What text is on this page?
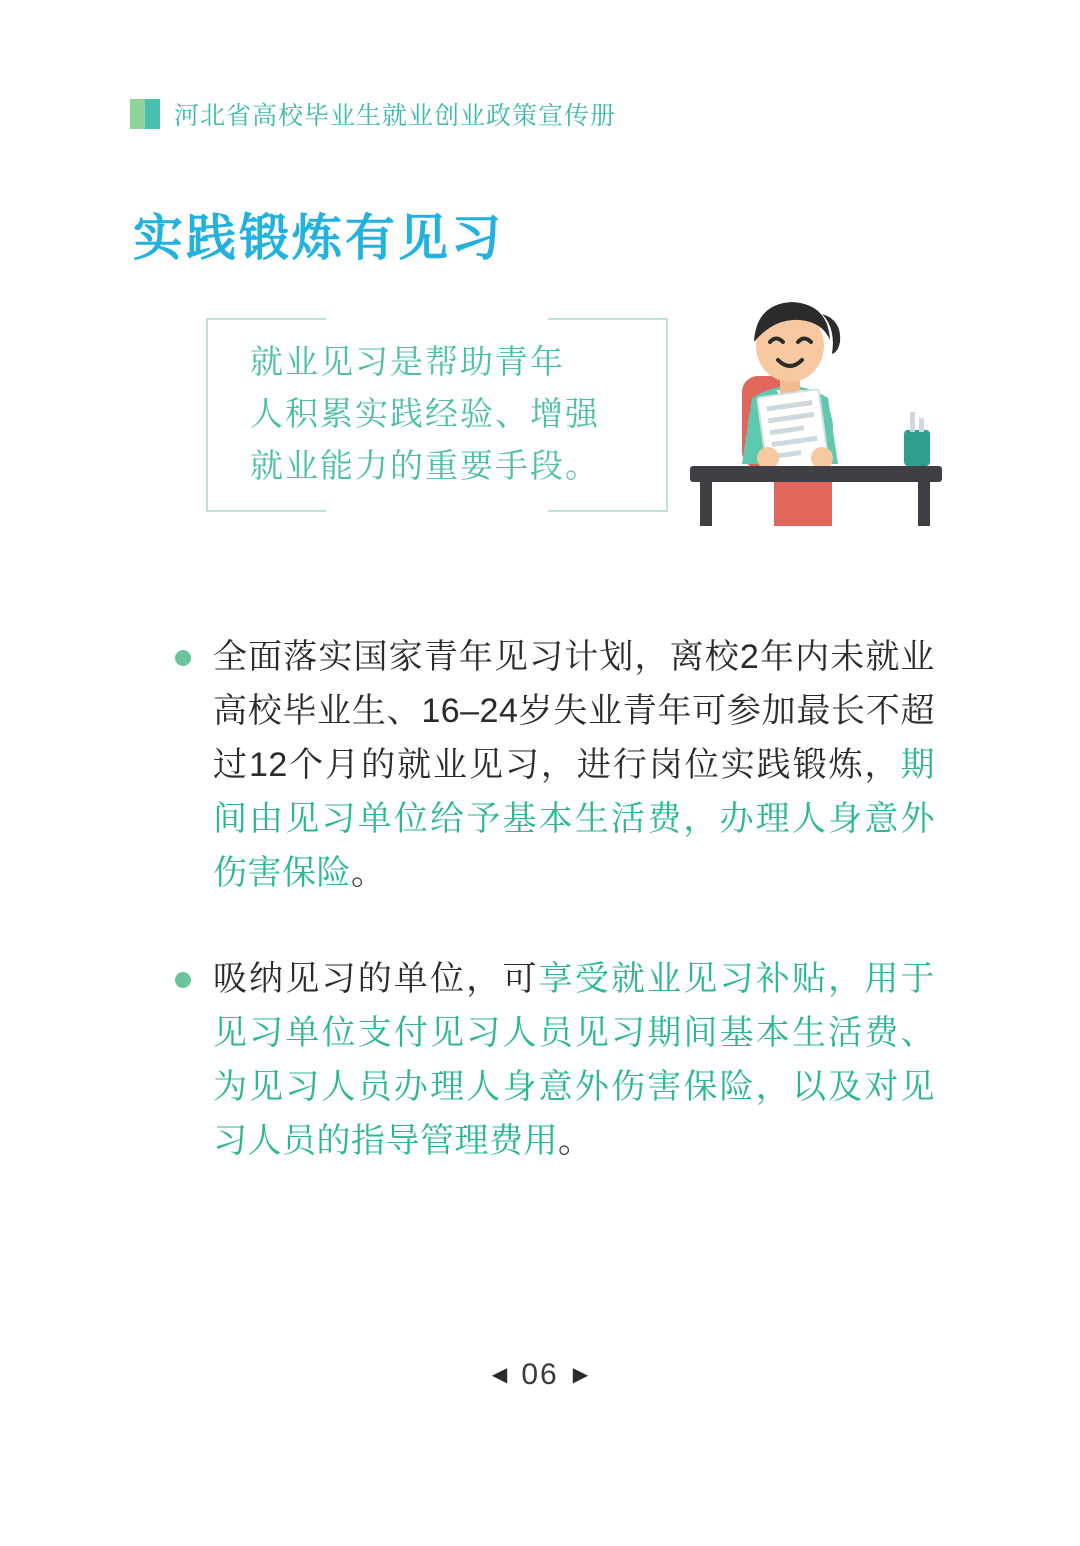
河北省高校毕业生就业创业政策宣传册
实践锻炼有见习
就业见习是帮助青年
人积累实践经验、增强
就业能力的重要手段。
全面落实国家青年见习计划，离校2年内未就业高校毕业生、16–24岁失业青年可参加最长不超过12个月的就业见习，进行岗位实践锻炼，期间由见习单位给予基本生活费，办理人身意外伤害保险。
吸纳见习的单位，可享受就业见习补贴，用于见习单位支付见习人员见习期间基本生活费、为见习人员办理人身意外伤害保险，以及对见习人员的指导管理费用。
◀ 06 ▶
